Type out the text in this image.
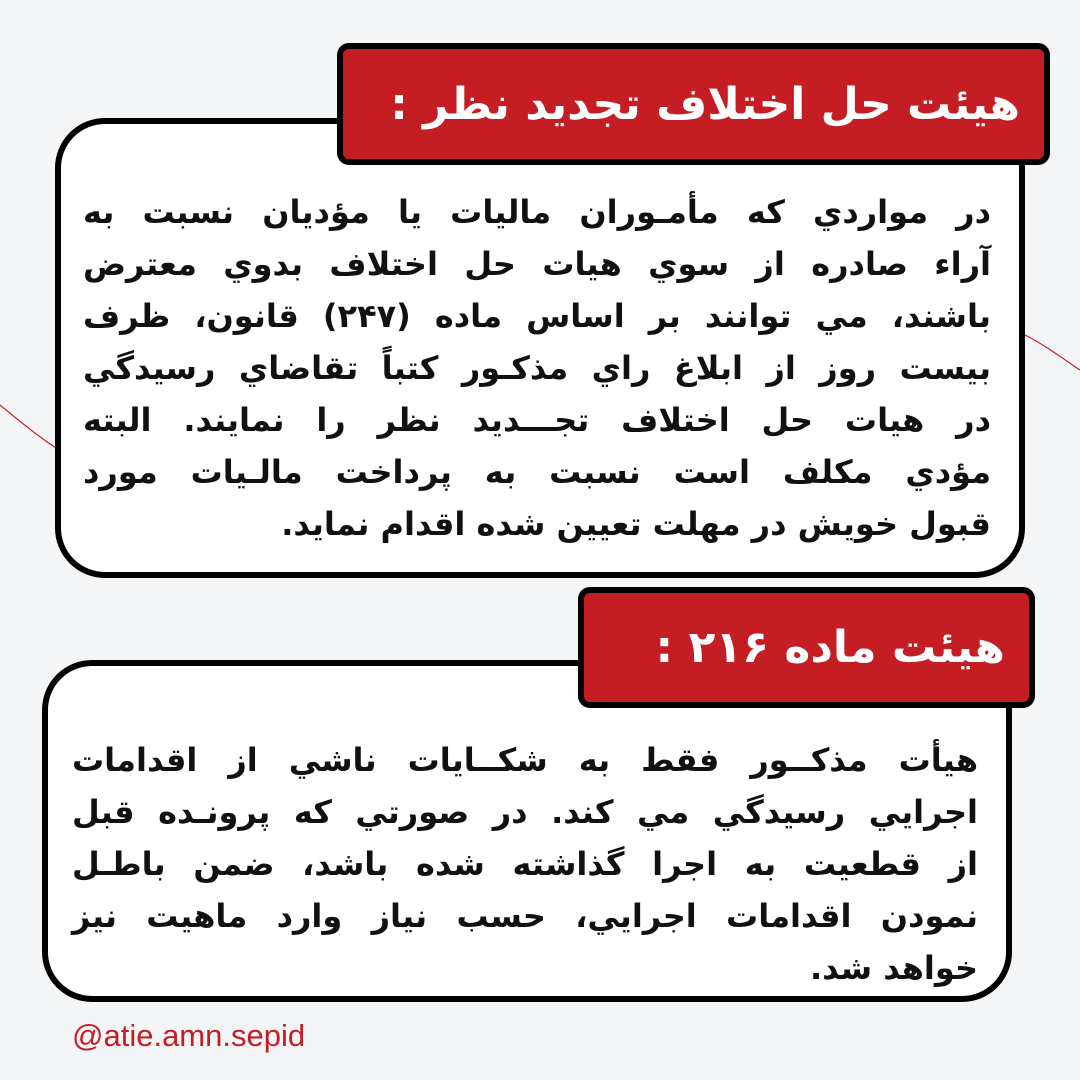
در مواردي كه مأمـوران ماليات يا مؤديان نسبت به
آراء صادره از سوي هيات حل اختلاف بدوي معترض
باشند، مي توانند بر اساس ماده (۲۴۷) قانون، ظرف
بيست روز از ابلاغ راي مذكـور كتباً تقاضاي رسيدگي
در هيات حل اختلاف تجـــديد نظر را نمايند. البته
مؤدي مكلف است نسبت به پرداخت مالـيات مورد
قبول خويش در مهلت تعيين شده اقدام نمايد.
هیئت حل اختلاف تجدید نظر :
هيأت مذكــور فقط به شكــايات ناشي از اقدامات
اجرايي رسيدگي مي كند. در صورتي كه پرونـده قبل
از قطعيت به اجرا گذاشته شده باشد، ضمن باطـل
نمودن اقدامات اجرايي، حسب نياز وارد ماهيت نيز
خواهد شد.
هیئت ماده ۲۱۶ :
@atie.amn.sepid
